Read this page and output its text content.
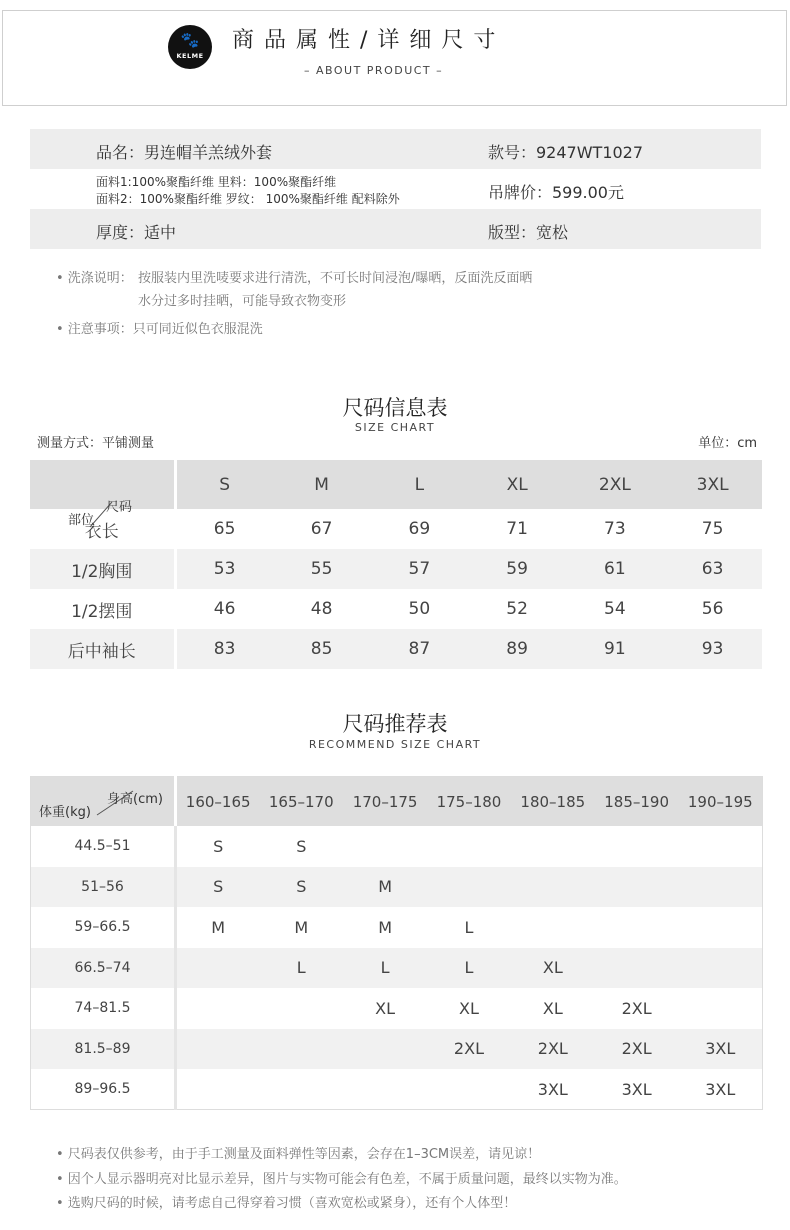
🐾
KELME
商品属性/详细尺寸
– ABOUT PRODUCT –
品名：男连帽羊羔绒外套	款号：9247WT1027
面料1:100%聚酯纤维 里料：100%聚酯纤维
面料2：100%聚酯纤维 罗纹： 100%聚酯纤维 配料除外	吊牌价：599.00元
厚度：适中	版型：宽松
• 洗涤说明： 按服装内里洗唛要求进行清洗，不可长时间浸泡/曝晒，反面洗反面晒
水分过多时挂晒，可能导致衣物变形
• 注意事项：只可同近似色衣服混洗
尺码信息表
SIZE CHART
测量方式：平铺测量	单位：cm
尺码
部位	S	M	L	XL	2XL	3XL
衣长	65	67	69	71	73	75
1/2胸围	53	55	57	59	61	63
1/2摆围	46	48	50	52	54	56
后中袖长	83	85	87	89	91	93
尺码推荐表
RECOMMEND SIZE CHART
身高(cm)
体重(kg)	160–165	165–170	170–175	175–180	180–185	185–190	190–195
44.5–51	S	S					
51–56	S	S	M				
59–66.5	M	M	M	L			
66.5–74		L	L	L	XL		
74–81.5			XL	XL	XL	2XL	
81.5–89				2XL	2XL	2XL	3XL
89–96.5					3XL	3XL	3XL
• 尺码表仅供参考，由于手工测量及面料弹性等因素，会存在1–3CM误差，请见谅！
• 因个人显示器明亮对比显示差异，图片与实物可能会有色差，不属于质量问题，最终以实物为准。
• 选购尺码的时候，请考虑自己得穿着习惯（喜欢宽松或紧身），还有个人体型！
